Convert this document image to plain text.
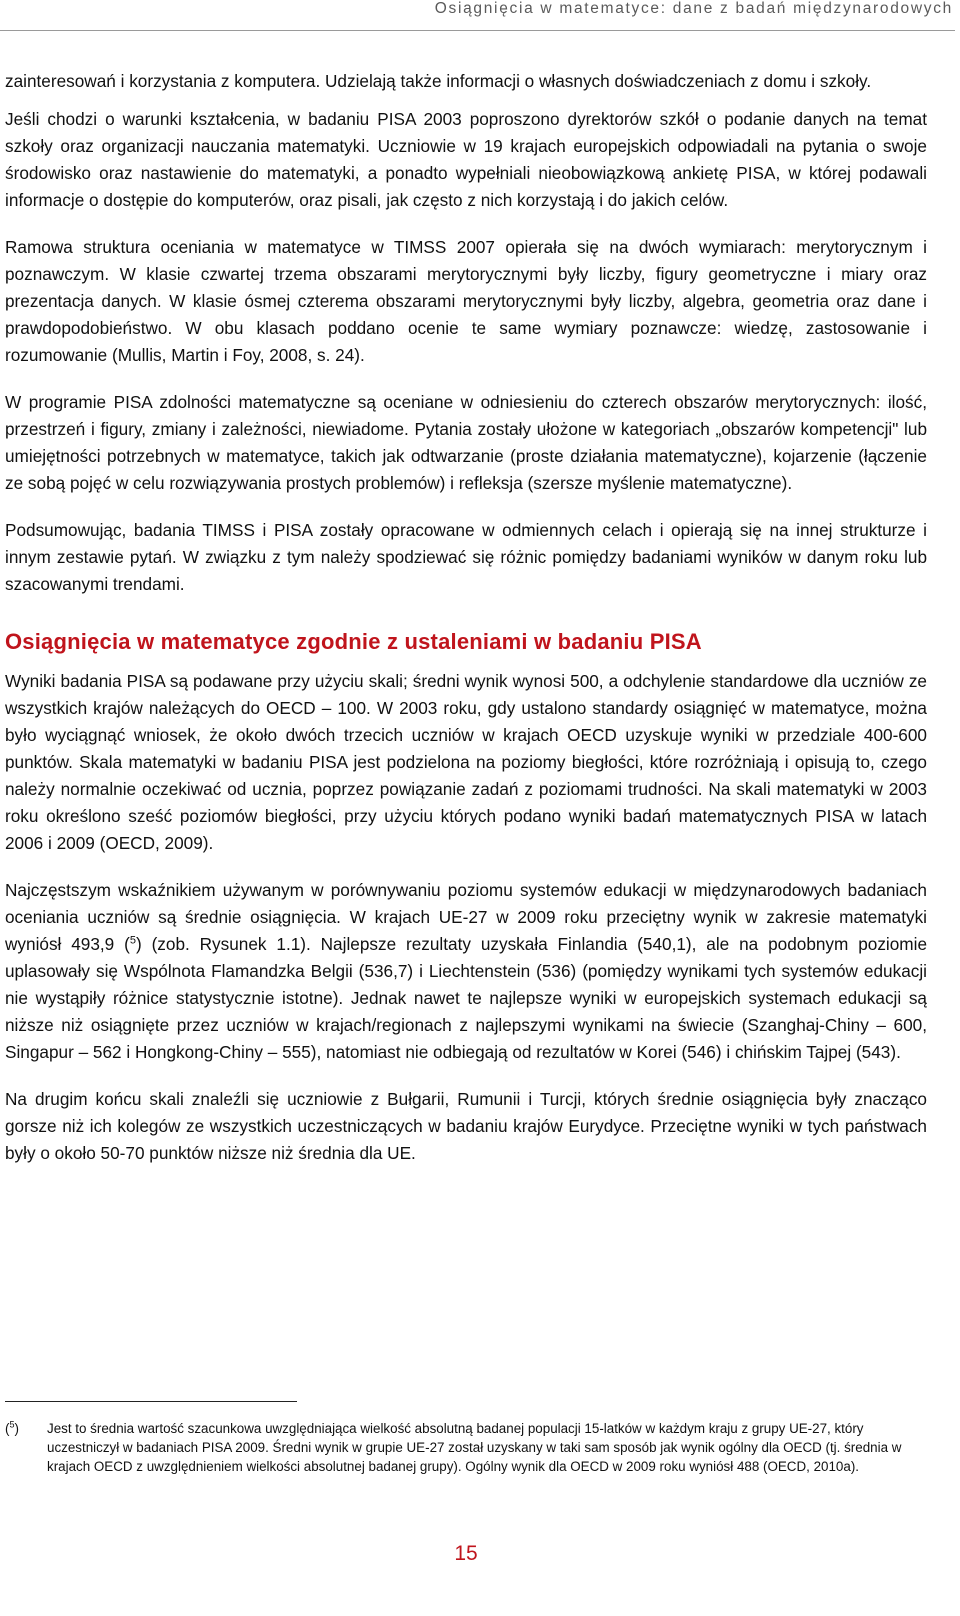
Osiągnięcia w matematyce: dane z badań międzynarodowych

zainteresowań i korzystania z komputera. Udzielają także informacji o własnych doświadczeniach z domu i szkoły.

Jeśli chodzi o warunki kształcenia, w badaniu PISA 2003 poproszono dyrektorów szkół o podanie danych na temat szkoły oraz organizacji nauczania matematyki. Uczniowie w 19 krajach europejskich odpowiadali na pytania o swoje środowisko oraz nastawienie do matematyki, a ponadto wypełniali nieobowiązkową ankietę PISA, w której podawali informacje o dostępie do komputerów, oraz pisali, jak często z nich korzystają i do jakich celów.

Ramowa struktura oceniania w matematyce w TIMSS 2007 opierała się na dwóch wymiarach: merytorycznym i poznawczym. W klasie czwartej trzema obszarami merytorycznymi były liczby, figury geometryczne i miary oraz prezentacja danych. W klasie ósmej czterema obszarami merytorycznymi były liczby, algebra, geometria oraz dane i prawdopodobieństwo. W obu klasach poddano ocenie te same wymiary poznawcze: wiedzę, zastosowanie i rozumowanie (Mullis, Martin i Foy, 2008, s. 24).

W programie PISA zdolności matematyczne są oceniane w odniesieniu do czterech obszarów merytorycznych: ilość, przestrzeń i figury, zmiany i zależności, niewiadome. Pytania zostały ułożone w kategoriach „obszarów kompetencji" lub umiejętności potrzebnych w matematyce, takich jak odtwarzanie (proste działania matematyczne), kojarzenie (łączenie ze sobą pojęć w celu rozwiązywania prostych problemów) i refleksja (szersze myślenie matematyczne).

Podsumowując, badania TIMSS i PISA zostały opracowane w odmiennych celach i opierają się na innej strukturze i innym zestawie pytań. W związku z tym należy spodziewać się różnic pomiędzy badaniami wyników w danym roku lub szacowanymi trendami.

Osiągnięcia w matematyce zgodnie z ustaleniami w badaniu PISA

Wyniki badania PISA są podawane przy użyciu skali; średni wynik wynosi 500, a odchylenie standardowe dla uczniów ze wszystkich krajów należących do OECD – 100. W 2003 roku, gdy ustalono standardy osiągnięć w matematyce, można było wyciągnąć wniosek, że około dwóch trzecich uczniów w krajach OECD uzyskuje wyniki w przedziale 400-600 punktów. Skala matematyki w badaniu PISA jest podzielona na poziomy biegłości, które rozróżniają i opisują to, czego należy normalnie oczekiwać od ucznia, poprzez powiązanie zadań z poziomami trudności. Na skali matematyki w 2003 roku określono sześć poziomów biegłości, przy użyciu których podano wyniki badań matematycznych PISA w latach 2006 i 2009 (OECD, 2009).

Najczęstszym wskaźnikiem używanym w porównywaniu poziomu systemów edukacji w międzynarodowych badaniach oceniania uczniów są średnie osiągnięcia. W krajach UE-27 w 2009 roku przeciętny wynik w zakresie matematyki wyniósł 493,9 ($^5$) (zob. Rysunek 1.1). Najlepsze rezultaty uzyskała Finlandia (540,1), ale na podobnym poziomie uplasowały się Wspólnota Flamandzka Belgii (536,7) i Liechtenstein (536) (pomiędzy wynikami tych systemów edukacji nie wystąpiły różnice statystycznie istotne). Jednak nawet te najlepsze wyniki w europejskich systemach edukacji są niższe niż osiągnięte przez uczniów w krajach/regionach z najlepszymi wynikami na świecie (Szanghaj-Chiny – 600, Singapur – 562 i Hongkong-Chiny – 555), natomiast nie odbiegają od rezultatów w Korei (546) i chińskim Tajpej (543).

Na drugim końcu skali znaleźli się uczniowie z Bułgarii, Rumunii i Turcji, których średnie osiągnięcia były znacząco gorsze niż ich kolegów ze wszystkich uczestniczących w badaniu krajów Eurydyce. Przeciętne wyniki w tych państwach były o około 50-70 punktów niższe niż średnia dla UE.

($^5$) Jest to średnia wartość szacunkowa uwzględniająca wielkość absolutną badanej populacji 15-latków w każdym kraju z grupy UE-27, który uczestniczył w badaniach PISA 2009. Średni wynik w grupie UE-27 został uzyskany w taki sam sposób jak wynik ogólny dla OECD (tj. średnia w krajach OECD z uwzględnieniem wielkości absolutnej badanej grupy). Ogólny wynik dla OECD w 2009 roku wyniósł 488 (OECD, 2010a).
15
